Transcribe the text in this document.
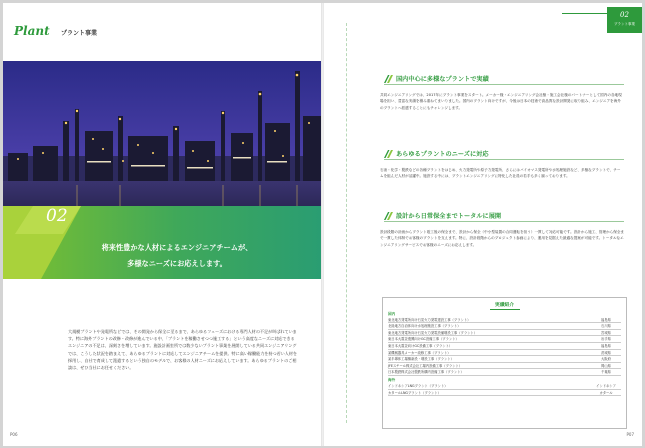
Plant プラント事業
02
将来性豊かな人材によるエンジニアチームが、
多様なニーズにお応えします。

大規模プラントや発電所などでは、その開発から保全に至るまで、あらゆるフェーズにおける専門人材の不足が叫ばれています。特に海外プラントの改修・改修が進んでいる中、「プラントを稼働させつつ施工する」という高度なニーズに対応できるエンジニアの不足は、深刻さを増しています。施設計画室所では数少ないプラント事業を展開している共同エンジニアリングでは、こうした状況を踏まえて、あらゆるプラントに対応してエンジニアチームを提供。特に高い稼働能力を持つ若い人材を採用し、自社で育成して派遣するという独自のモデルで、お客様の人材ニーズにお応えしています。あらゆるプラントのご相談は、ぜひ当社にお任せください。

P06
02
プラント事業
国内中心に多様なプラントで実績

共同エンジニアリングでは、2017年にプラント事業をスタート。メーカー様・エンジニアリング会社様・施工会社様のパートナーとして国内の各地現場を担い、豊富な実績を積み重ねてまいりました。国内のプラント向けですが、今後は日本の技術で高品質な設計開発に取り組み、エンジニアを海外のプラントへ派遣することにもチャレンジします。

あらゆるプラントのニーズに対応

石油・化学・製鉄などの各種プラントをはじめ、火力発電所や原子力発電所、さらにはバイオマス発電所や水処理施設など、多様なプラントで、チームを組んだ人材が活躍中。施設する中には、プラントエンジニアリングに特化した社員の若手も多く揃っております。

設計から日常保全までトータルに展開

設計段階の計画からプラント竣工後の保全まで、設計から保全（中小型装置の合同運転を担う）一貫して対応可能です。設計から施工、管理から保全まで一貫した体制でお客様のプラントを支えます。特に、設計段階からのプロジェクト参画により、運用を見据えた最適な提案が可能です。トータルなエンジニアリングサービスでお客様のニーズにお応えします。

実績紹介
国内
東北地方発電所向け石炭火力発電建設工事（プラント）	福島県
北陸地方自治体向け水処理施設工事（プラント）	石川県
東北地方発電所向け石炭火力発電設備増設工事（プラント）	宮城県
東日本大震災復興向けGC設備工事（プラント）	岩手県
東日本大震災向けGC設備工事（プラント）	福島県
某機械器具メーカー改修工事（プラント）	茨城県
某半導体工場棟新設・増設工事（プラント）	大阪府
JFEスチール株式会社工場内設備工事（プラント）	岡山県
日本製鉄株式会社製鉄所構内設備工事（プラント）	千葉県
海外
インドネシアLNGプラント（プラント）	インドネシア
カタールLNGプラント（プラント）	カタール
P07
